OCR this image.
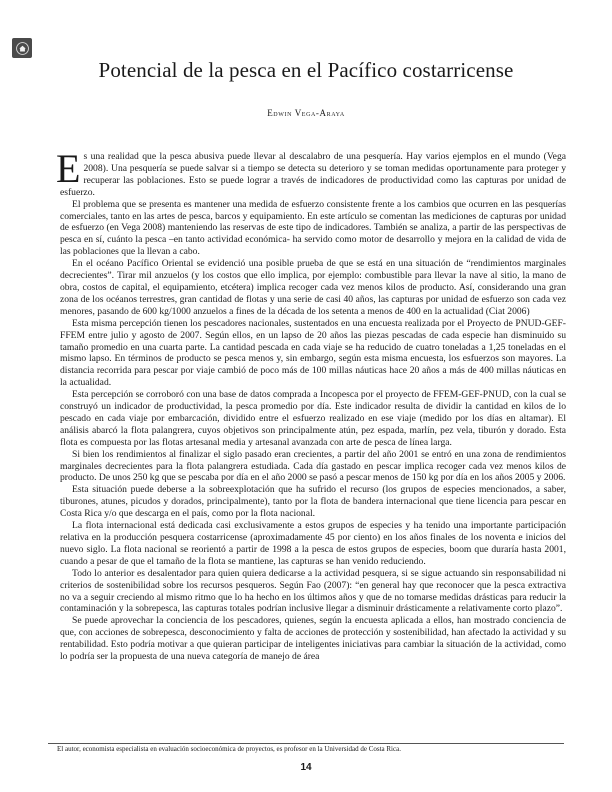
Potencial de la pesca en el Pacífico costarricense
Edwin Vega-Araya

Es una realidad que la pesca abusiva puede llevar al descalabro de una pesquería. Hay varios ejemplos en el mundo (Vega 2008). Una pesquería se puede salvar si a tiempo se detecta su deterioro y se toman medidas oportunamente para proteger y recuperar las poblaciones. Esto se puede lograr a través de indicadores de productividad como las capturas por unidad de esfuerzo.

El problema que se presenta es mantener una medida de esfuerzo consistente frente a los cambios que ocurren en las pesquerías comerciales, tanto en las artes de pesca, barcos y equipamiento. En este artículo se comentan las mediciones de capturas por unidad de esfuerzo (en Vega 2008) manteniendo las reservas de este tipo de indicadores. También se analiza, a partir de las perspectivas de pesca en sí, cuánto la pesca –en tanto actividad económica- ha servido como motor de desarrollo y mejora en la calidad de vida de las poblaciones que la llevan a cabo.

En el océano Pacífico Oriental se evidenció una posible prueba de que se está en una situación de “rendimientos marginales decrecientes”. Tirar mil anzuelos (y los costos que ello implica, por ejemplo: combustible para llevar la nave al sitio, la mano de obra, costos de capital, el equipamiento, etcétera) implica recoger cada vez menos kilos de producto. Así, considerando una gran zona de los océanos terrestres, gran cantidad de flotas y una serie de casi 40 años, las capturas por unidad de esfuerzo son cada vez menores, pasando de 600 kg/1000 anzuelos a fines de la década de los setenta a menos de 400 en la actualidad (Ciat 2006)

Esta misma percepción tienen los pescadores nacionales, sustentados en una encuesta realizada por el Proyecto de PNUD-GEF-FFEM entre julio y agosto de 2007. Según ellos, en un lapso de 20 años las piezas pescadas de cada especie han disminuido su tamaño promedio en una cuarta parte. La cantidad pescada en cada viaje se ha reducido de cuatro toneladas a 1,25 toneladas en el mismo lapso. En términos de producto se pesca menos y, sin embargo, según esta misma encuesta, los esfuerzos son mayores. La distancia recorrida para pescar por viaje cambió de poco más de 100 millas náuticas hace 20 años a más de 400 millas náuticas en la actualidad.

Esta percepción se corroboró con una base de datos comprada a Incopesca por el proyecto de FFEM-GEF-PNUD, con la cual se construyó un indicador de productividad, la pesca promedio por día. Este indicador resulta de dividir la cantidad en kilos de lo pescado en cada viaje por embarcación, dividido entre el esfuerzo realizado en ese viaje (medido por los días en altamar). El análisis abarcó la flota palangrera, cuyos objetivos son principalmente atún, pez espada, marlín, pez vela, tiburón y dorado. Esta flota es compuesta por las flotas artesanal media y artesanal avanzada con arte de pesca de línea larga.

Si bien los rendimientos al finalizar el siglo pasado eran crecientes, a partir del año 2001 se entró en una zona de rendimientos marginales decrecientes para la flota palangrera estudiada. Cada día gastado en pescar implica recoger cada vez menos kilos de producto. De unos 250 kg que se pescaba por día en el año 2000 se pasó a pescar menos de 150 kg por día en los años 2005 y 2006.

Esta situación puede deberse a la sobreexplotación que ha sufrido el recurso (los grupos de especies mencionados, a saber, tiburones, atunes, picudos y dorados, principalmente), tanto por la flota de bandera internacional que tiene licencia para pescar en Costa Rica y/o que descarga en el país, como por la flota nacional.

La flota internacional está dedicada casi exclusivamente a estos grupos de especies y ha tenido una importante participación relativa en la producción pesquera costarricense (aproximadamente 45 por ciento) en los años finales de los noventa e inicios del nuevo siglo. La flota nacional se reorientó a partir de 1998 a la pesca de estos grupos de especies, boom que duraría hasta 2001, cuando a pesar de que el tamaño de la flota se mantiene, las capturas se han venido reduciendo.

Todo lo anterior es desalentador para quien quiera dedicarse a la actividad pesquera, si se sigue actuando sin responsabilidad ni criterios de sostenibilidad sobre los recursos pesqueros. Según Fao (2007): “en general hay que reconocer que la pesca extractiva no va a seguir creciendo al mismo ritmo que lo ha hecho en los últimos años y que de no tomarse medidas drásticas para reducir la contaminación y la sobrepesca, las capturas totales podrían inclusive llegar a disminuir drásticamente a relativamente corto plazo”.

Se puede aprovechar la conciencia de los pescadores, quienes, según la encuesta aplicada a ellos, han mostrado conciencia de que, con acciones de sobrepesca, desconocimiento y falta de acciones de protección y sostenibilidad, han afectado la actividad y su rentabilidad. Esto podría motivar a que quieran participar de inteligentes iniciativas para cambiar la situación de la actividad, como lo podría ser la propuesta de una nueva categoría de manejo de área

El autor, economista especialista en evaluación socioeconómica de proyectos, es profesor en la Universidad de Costa Rica.
14
